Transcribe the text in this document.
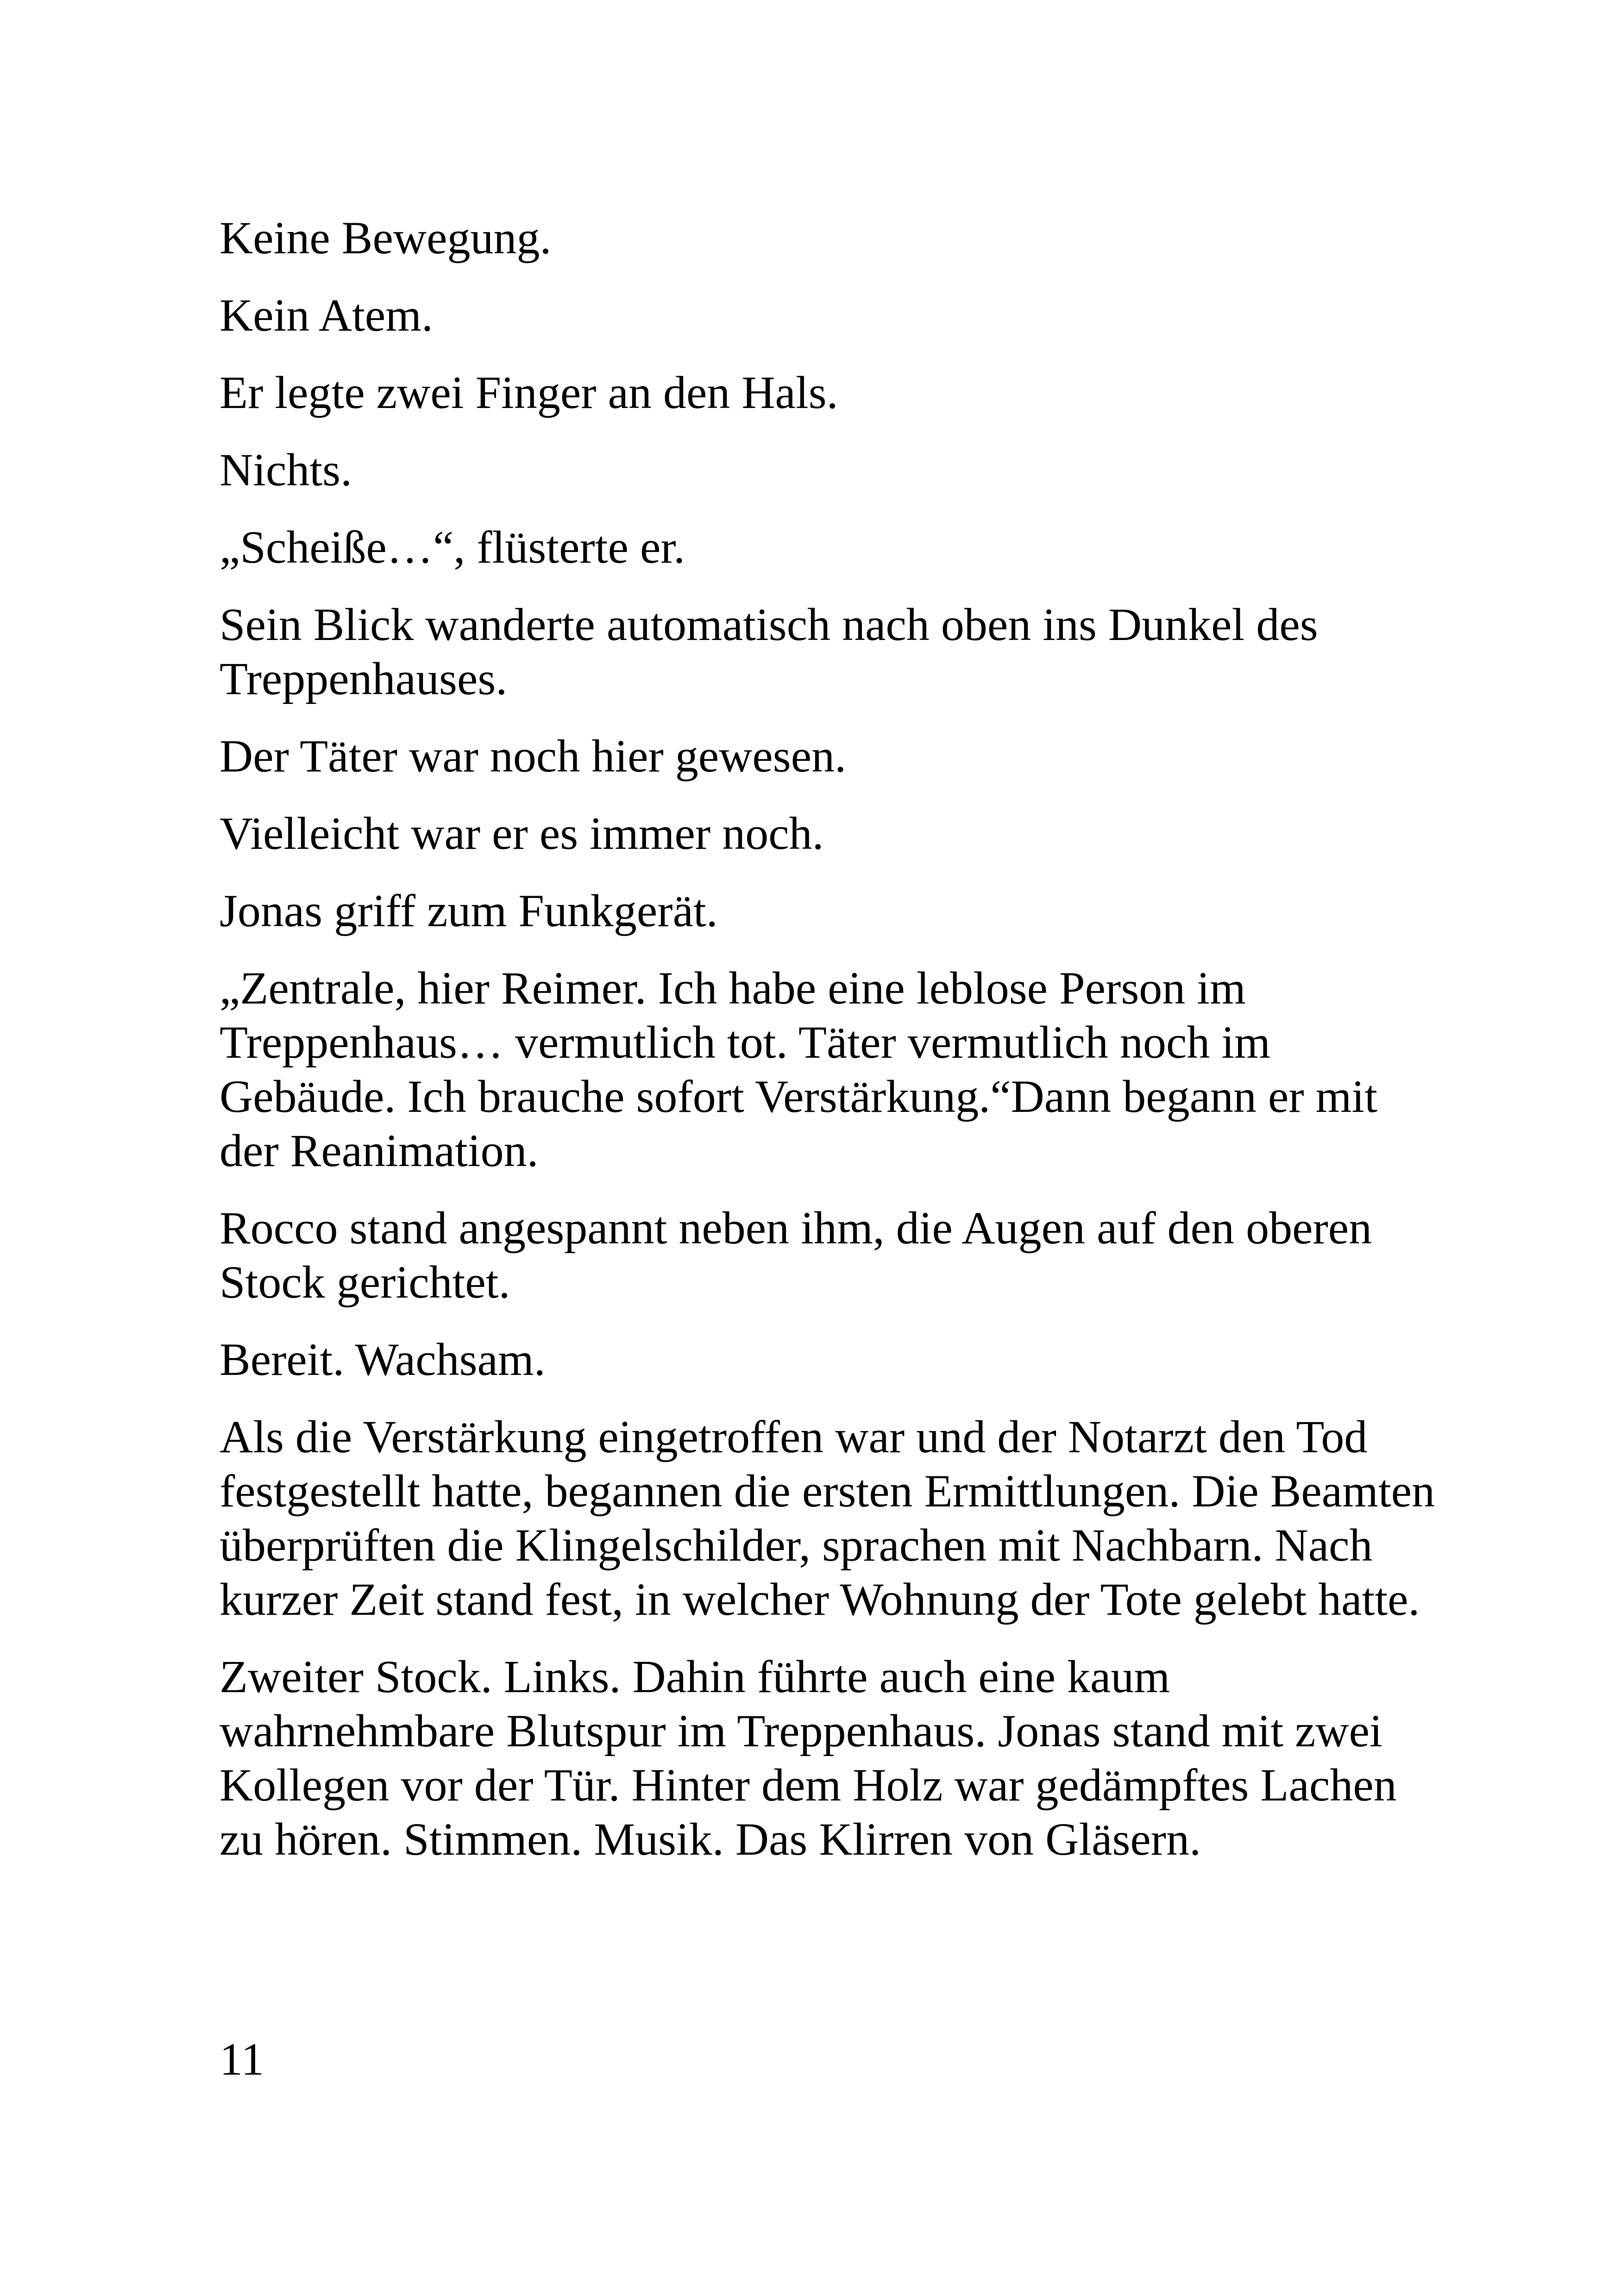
Keine Bewegung.

Kein Atem.

Er legte zwei Finger an den Hals.

Nichts.

„Scheiße…“, flüsterte er.

Sein Blick wanderte automatisch nach oben ins Dunkel des Treppenhauses.

Der Täter war noch hier gewesen.

Vielleicht war er es immer noch.

Jonas griff zum Funkgerät.

„Zentrale, hier Reimer. Ich habe eine leblose Person im Treppenhaus… vermutlich tot. Täter vermutlich noch im Gebäude. Ich brauche sofort Verstärkung.“Dann begann er mit der Reanimation.

Rocco stand angespannt neben ihm, die Augen auf den oberen Stock gerichtet.

Bereit. Wachsam.

Als die Verstärkung eingetroffen war und der Notarzt den Tod festgestellt hatte, begannen die ersten Ermittlungen. Die Beamten überprüften die Klingelschilder, sprachen mit Nachbarn. Nach kurzer Zeit stand fest, in welcher Wohnung der Tote gelebt hatte.

Zweiter Stock. Links. Dahin führte auch eine kaum wahrnehmbare Blutspur im Treppenhaus. Jonas stand mit zwei Kollegen vor der Tür. Hinter dem Holz war gedämpftes Lachen zu hören. Stimmen. Musik. Das Klirren von Gläsern.

11
